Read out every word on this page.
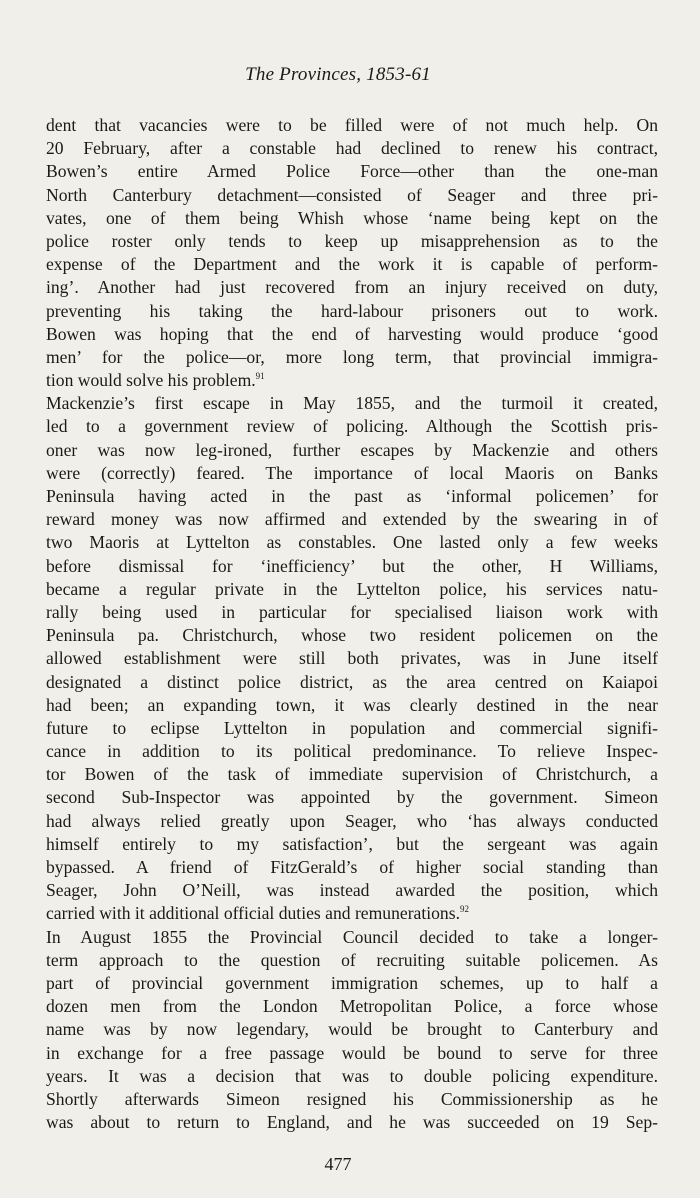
The Provinces, 1853-61
dent that vacancies were to be filled were of not much help. On
20 February, after a constable had declined to renew his contract,
Bowen’s entire Armed Police Force—other than the one-man
North Canterbury detachment—consisted of Seager and three pri-
vates, one of them being Whish whose ‘name being kept on the
police roster only tends to keep up misapprehension as to the
expense of the Department and the work it is capable of perform-
ing’. Another had just recovered from an injury received on duty,
preventing his taking the hard-labour prisoners out to work.
Bowen was hoping that the end of harvesting would produce ‘good
men’ for the police—or, more long term, that provincial immigra-
tion would solve his problem.$^{91}$
Mackenzie’s first escape in May 1855, and the turmoil it created,
led to a government review of policing. Although the Scottish pris-
oner was now leg-ironed, further escapes by Mackenzie and others
were (correctly) feared. The importance of local Maoris on Banks
Peninsula having acted in the past as ‘informal policemen’ for
reward money was now affirmed and extended by the swearing in of
two Maoris at Lyttelton as constables. One lasted only a few weeks
before dismissal for ‘inefficiency’ but the other, H Williams,
became a regular private in the Lyttelton police, his services natu-
rally being used in particular for specialised liaison work with
Peninsula pa. Christchurch, whose two resident policemen on the
allowed establishment were still both privates, was in June itself
designated a distinct police district, as the area centred on Kaiapoi
had been; an expanding town, it was clearly destined in the near
future to eclipse Lyttelton in population and commercial signifi-
cance in addition to its political predominance. To relieve Inspec-
tor Bowen of the task of immediate supervision of Christchurch, a
second Sub-Inspector was appointed by the government. Simeon
had always relied greatly upon Seager, who ‘has always conducted
himself entirely to my satisfaction’, but the sergeant was again
bypassed. A friend of FitzGerald’s of higher social standing than
Seager, John O’Neill, was instead awarded the position, which
carried with it additional official duties and remunerations.$^{92}$
In August 1855 the Provincial Council decided to take a longer-
term approach to the question of recruiting suitable policemen. As
part of provincial government immigration schemes, up to half a
dozen men from the London Metropolitan Police, a force whose
name was by now legendary, would be brought to Canterbury and
in exchange for a free passage would be bound to serve for three
years. It was a decision that was to double policing expenditure.
Shortly afterwards Simeon resigned his Commissionership as he
was about to return to England, and he was succeeded on 19 Sep-
477
